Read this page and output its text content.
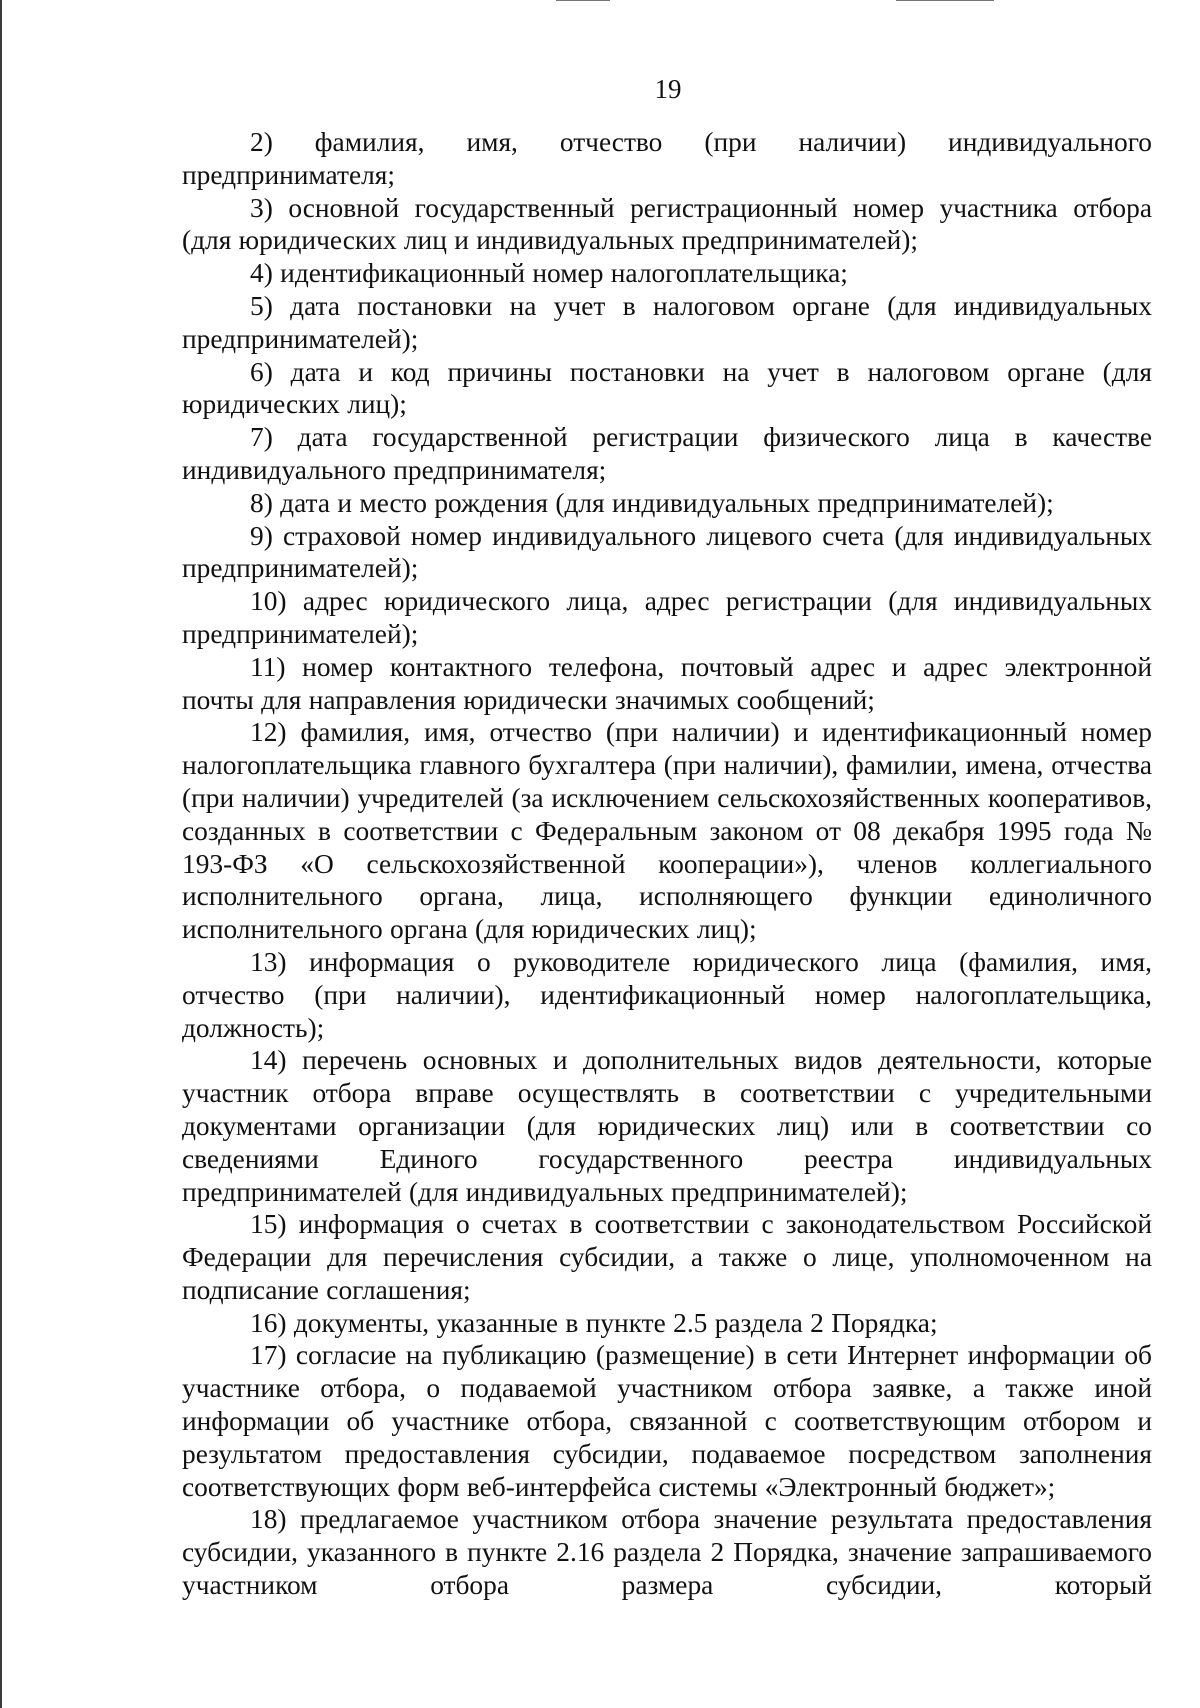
19

2) фамилия, имя, отчество (при наличии) индивидуального предпринимателя;

3) основной государственный регистрационный номер участника отбора (для юридических лиц и индивидуальных предпринимателей);

4) идентификационный номер налогоплательщика;

5) дата постановки на учет в налоговом органе (для индивидуальных предпринимателей);

6) дата и код причины постановки на учет в налоговом органе (для юридических лиц);

7) дата государственной регистрации физического лица в качестве индивидуального предпринимателя;

8) дата и место рождения (для индивидуальных предпринимателей);

9) страховой номер индивидуального лицевого счета (для индивидуальных предпринимателей);

10) адрес юридического лица, адрес регистрации (для индивидуальных предпринимателей);

11) номер контактного телефона, почтовый адрес и адрес электронной почты для направления юридически значимых сообщений;

12) фамилия, имя, отчество (при наличии) и идентификационный номер налогоплательщика главного бухгалтера (при наличии), фамилии, имена, отчества (при наличии) учредителей (за исключением сельскохозяйственных кооперативов, созданных в соответствии с Федеральным законом от 08 декабря 1995 года № 193-ФЗ «О сельскохозяйственной кооперации»), членов коллегиального исполнительного органа, лица, исполняющего функции единоличного исполнительного органа (для юридических лиц);

13) информация о руководителе юридического лица (фамилия, имя, отчество (при наличии), идентификационный номер налогоплательщика, должность);

14) перечень основных и дополнительных видов деятельности, которые участник отбора вправе осуществлять в соответствии с учредительными документами организации (для юридических лиц) или в соответствии со сведениями Единого государственного реестра индивидуальных предпринимателей (для индивидуальных предпринимателей);

15) информация о счетах в соответствии с законодательством Российской Федерации для перечисления субсидии, а также о лице, уполномоченном на подписание соглашения;

16) документы, указанные в пункте 2.5 раздела 2 Порядка;

17) согласие на публикацию (размещение) в сети Интернет информации об участнике отбора, о подаваемой участником отбора заявке, а также иной информации об участнике отбора, связанной с соответствующим отбором и результатом предоставления субсидии, подаваемое посредством заполнения соответствующих форм веб-интерфейса системы «Электронный бюджет»;

18) предлагаемое участником отбора значение результата предоставления субсидии, указанного в пункте 2.16 раздела 2 Порядка, значение запрашиваемого участником отбора размера субсидии, который
